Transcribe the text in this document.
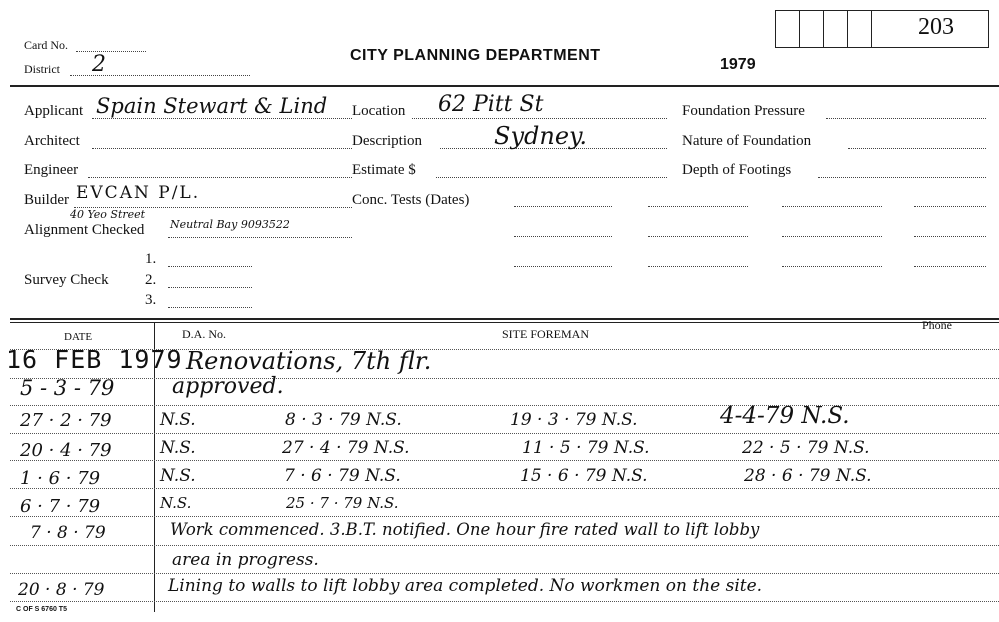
Card No.
District 2	CITY PLANNING DEPARTMENT
1979
203
Applicant Spain Stewart & Lind Location 62 Pitt St	Foundation Pressure
Architect	Description	Sydney.	Nature of Foundation
Engineer	Estimate $	Depth of Footings
Builder EVCAN P/L.	Conc. Tests (Dates)
40 Yeo Street
Alignment Checked Neutral Bay 9093522
Survey Check
1.
2.
3.
DATE	D.A. No.	SITE FOREMAN
Phone
16 FEB 1979 Renovations, 7th flr.
5 - 3 - 79	approved.
27 · 2 · 79	N.S.	8 · 3 · 79 N.S.	19 · 3 · 79 N.S.	4-4-79 N.S.
20 · 4 · 79	N.S.	27 · 4 · 79 N.S.	11 · 5 · 79 N.S.	22 · 5 · 79 N.S.
1 · 6 · 79	N.S.	7 · 6 · 79 N.S.	15 · 6 · 79 N.S.	28 · 6 · 79 N.S.
6 · 7 · 79	N.S.	25 · 7 · 79 N.S.
7 · 8 · 79	Work commenced. 3.B.T. notified. One hour fire rated wall to lift lobby
area in progress.
20 · 8 · 79	Lining to walls to lift lobby area completed. No workmen on the site.
C OF S 6760 T5
